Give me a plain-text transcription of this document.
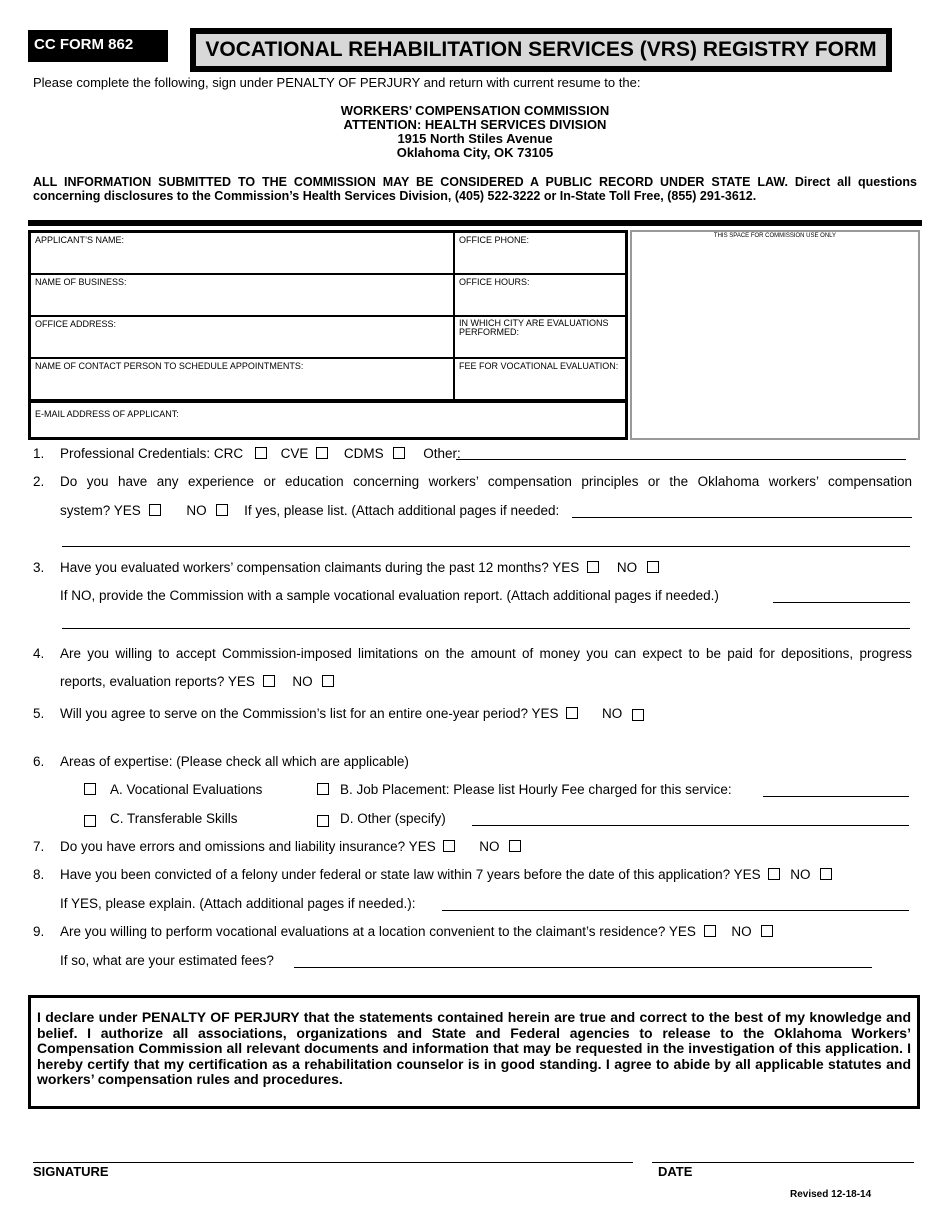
CC FORM 862	VOCATIONAL REHABILITATION SERVICES (VRS) REGISTRY FORM
Please complete the following, sign under PENALTY OF PERJURY and return with current resume to the:
WORKERS’ COMPENSATION COMMISSION
ATTENTION: HEALTH SERVICES DIVISION
1915 North Stiles Avenue
Oklahoma City, OK 73105
ALL INFORMATION SUBMITTED TO THE COMMISSION MAY BE CONSIDERED A PUBLIC RECORD UNDER STATE LAW. Direct all questions concerning disclosures to the Commission’s Health Services Division, (405) 522-3222 or In-State Toll Free, (855) 291-3612.
APPLICANT’S NAME:	OFFICE PHONE:
NAME OF BUSINESS:	OFFICE HOURS:
OFFICE ADDRESS:	IN WHICH CITY ARE EVALUATIONS PERFORMED:
NAME OF CONTACT PERSON TO SCHEDULE APPOINTMENTS:	FEE FOR VOCATIONAL EVALUATION:
E-MAIL ADDRESS OF APPLICANT:
THIS SPACE FOR COMMISSION USE ONLY
1. Professional Credentials: CRC	CVE	CDMS	Other:
2. Do you have any experience or education concerning workers’ compensation principles or the Oklahoma workers’ compensation
system? YES	NO	If yes, please list. (Attach additional pages if needed:
3. Have you evaluated workers’ compensation claimants during the past 12 months? YES	NO
If NO, provide the Commission with a sample vocational evaluation report. (Attach additional pages if needed.)
4. Are you willing to accept Commission-imposed limitations on the amount of money you can expect to be paid for depositions, progress
reports, evaluation reports? YES	NO
5. Will you agree to serve on the Commission’s list for an entire one-year period? YES	NO
6. Areas of expertise: (Please check all which are applicable)
A. Vocational Evaluations	B. Job Placement: Please list Hourly Fee charged for this service:
C. Transferable Skills	D. Other (specify)
7. Do you have errors and omissions and liability insurance? YES	NO
8. Have you been convicted of a felony under federal or state law within 7 years before the date of this application? YES NO
If YES, please explain. (Attach additional pages if needed.):
9. Are you willing to perform vocational evaluations at a location convenient to the claimant’s residence? YES	NO
If so, what are your estimated fees?
I declare under PENALTY OF PERJURY that the statements contained herein are true and correct to the best of my knowledge and belief. I authorize all associations, organizations and State and Federal agencies to release to the Oklahoma Workers’ Compensation Commission all relevant documents and information that may be requested in the investigation of this application. I hereby certify that my certification as a rehabilitation counselor is in good standing. I agree to abide by all applicable statutes and workers’ compensation rules and procedures.
SIGNATURE	DATE
Revised 12-18-14
